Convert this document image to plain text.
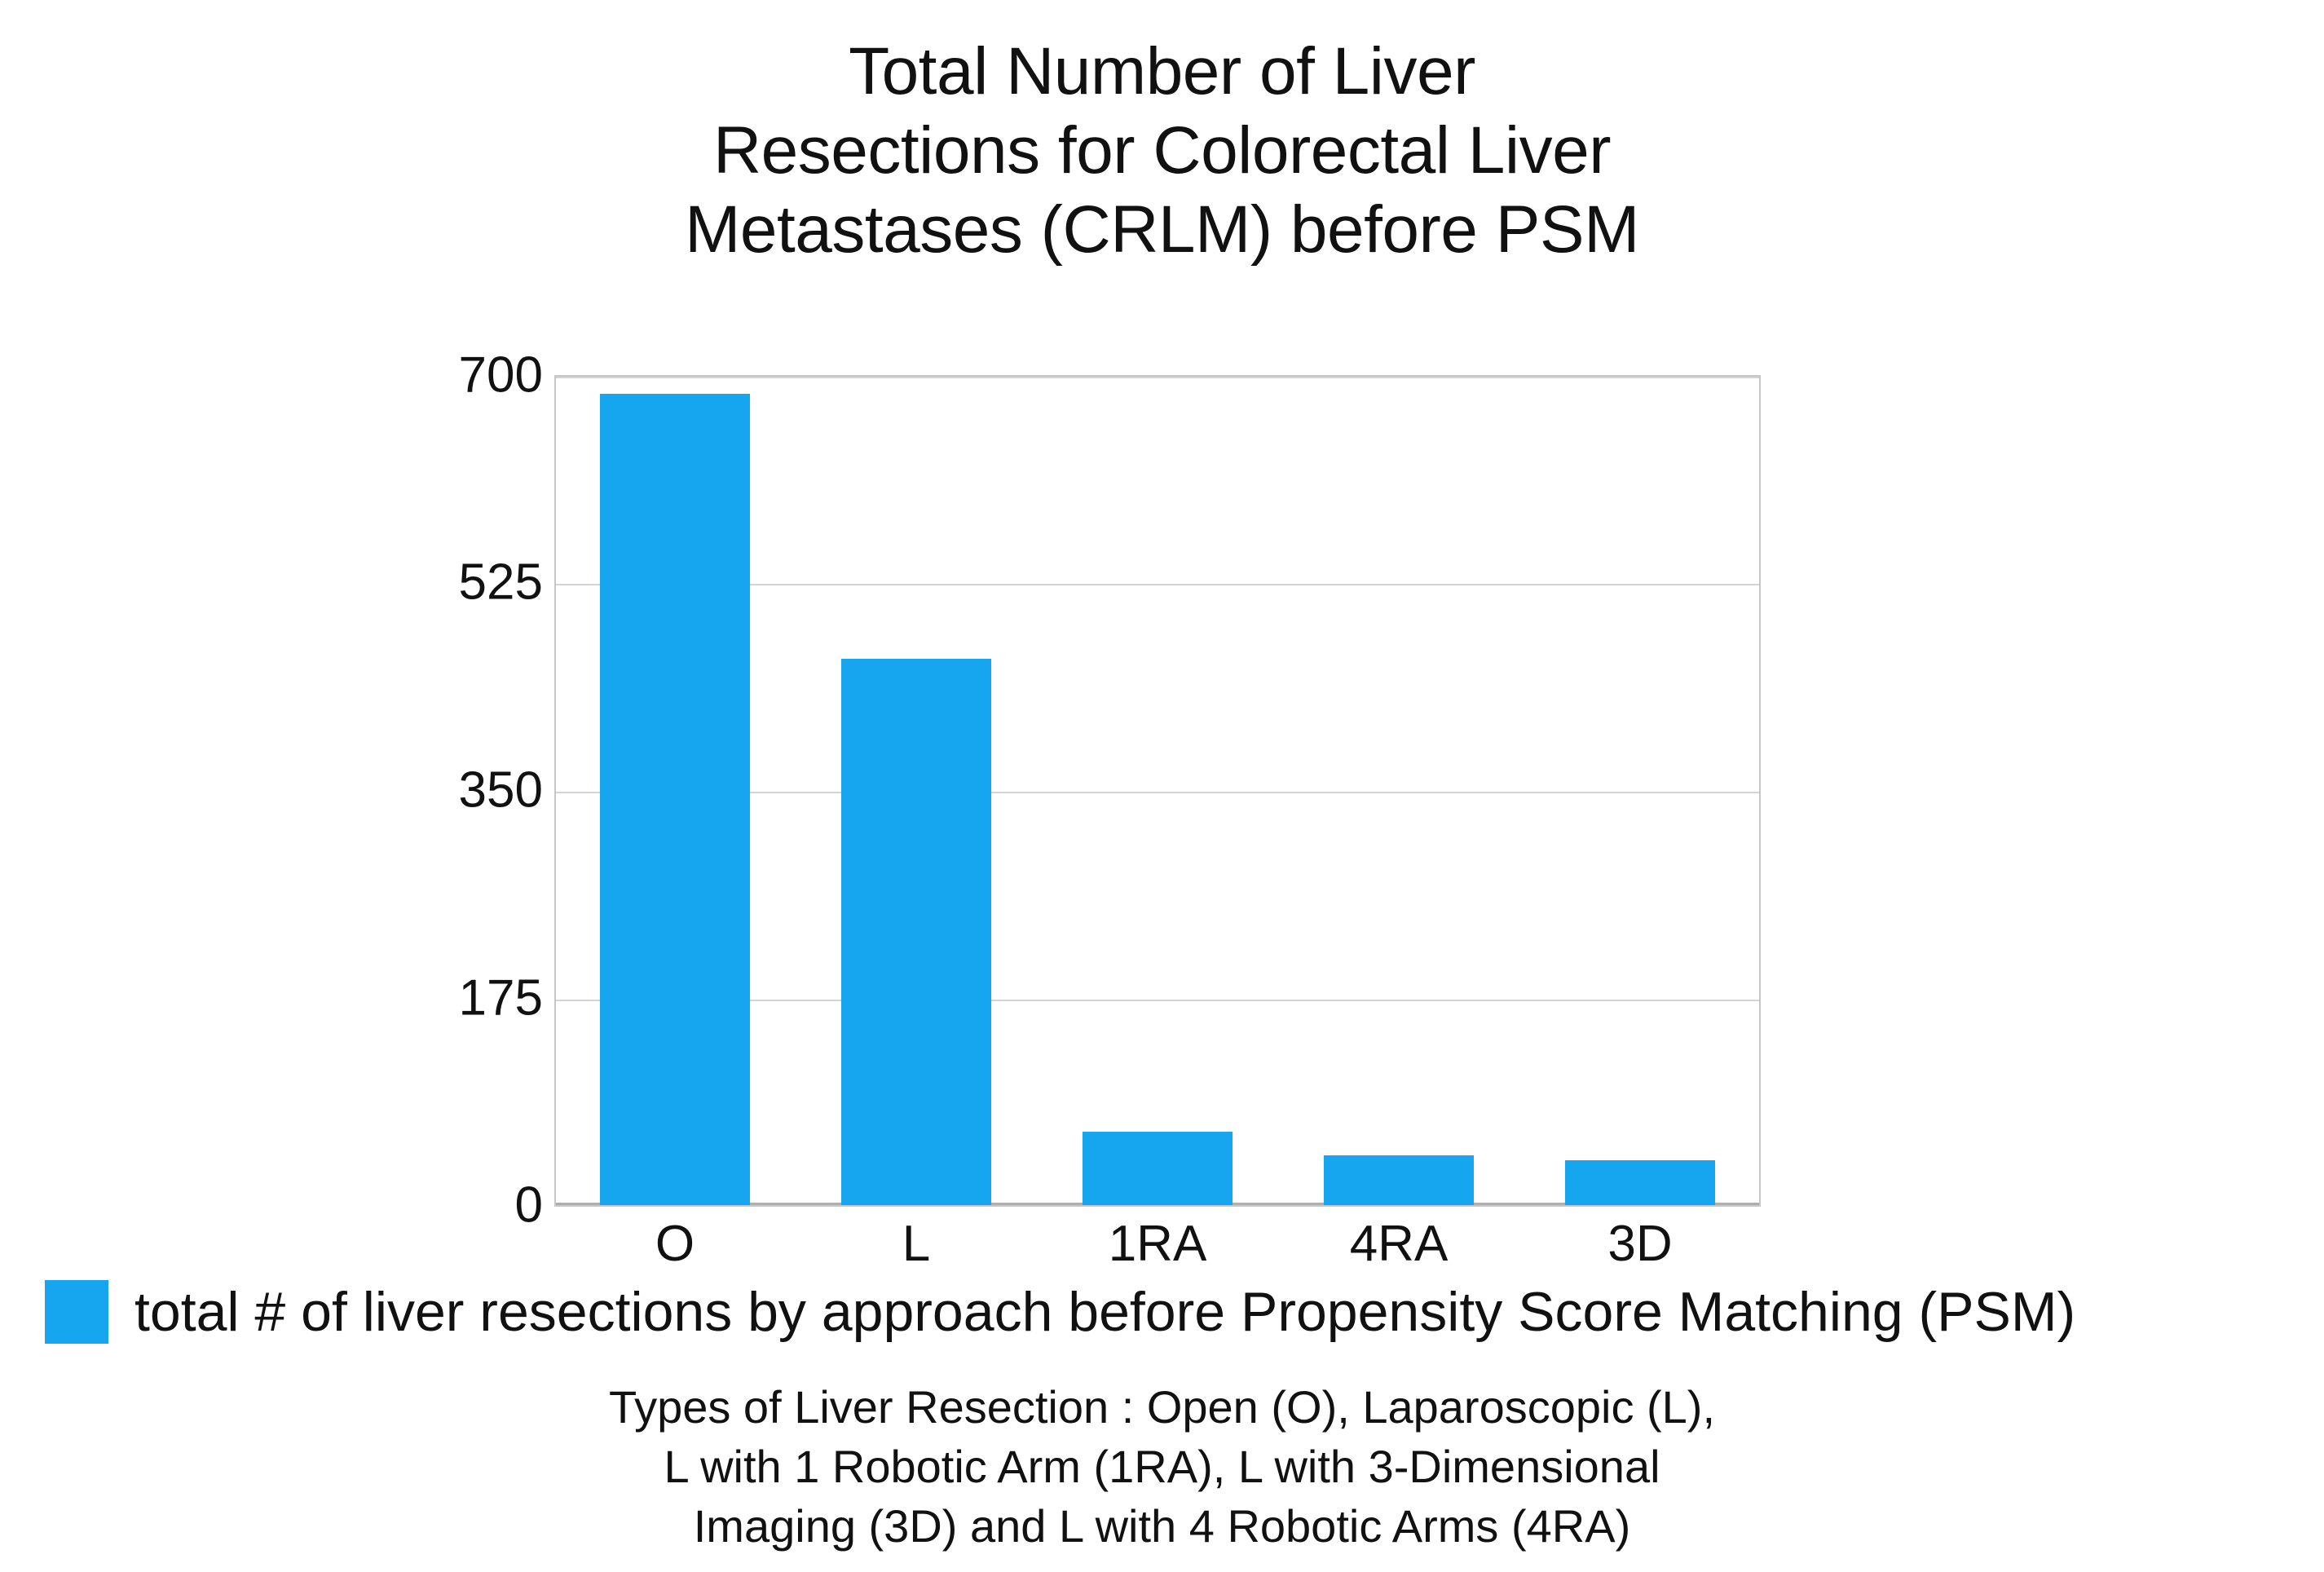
Total Number of Liver
Resections for Colorectal Liver
Metastases (CRLM) before PSM
700
525
350
175
0
O	L	1RA	4RA	3D
total # of liver resections by approach before Propensity Score Matching (PSM)
Types of Liver Resection : Open (O), Laparoscopic (L),
L with 1 Robotic Arm (1RA), L with 3-Dimensional
Imaging (3D) and L with 4 Robotic Arms (4RA)
